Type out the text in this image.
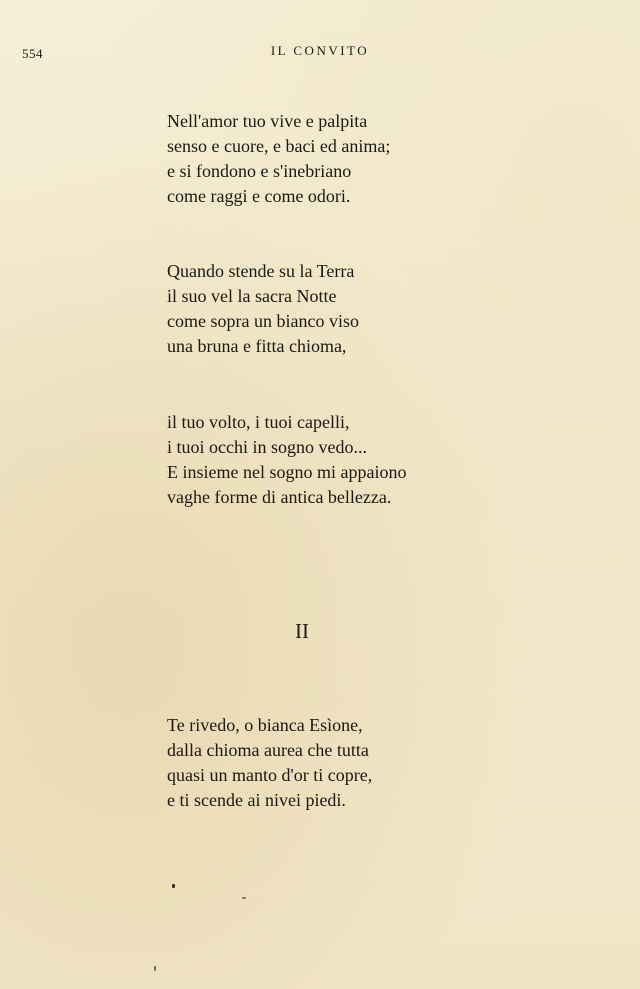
554	IL CONVITO
Nell'amor tuo vive e palpita
senso e cuore, e baci ed anima;
e si fondono e s'inebriano
come raggi e come odori.
Quando stende su la Terra
il suo vel la sacra Notte
come sopra un bianco viso
una bruna e fitta chioma,
il tuo volto, i tuoi capelli,
i tuoi occhi in sogno vedo...
E insieme nel sogno mi appaiono
vaghe forme di antica bellezza.
II
Te rivedo, o bianca Esìone,
dalla chioma aurea che tutta
quasi un manto d'or ti copre,
e ti scende ai nivei piedi.
